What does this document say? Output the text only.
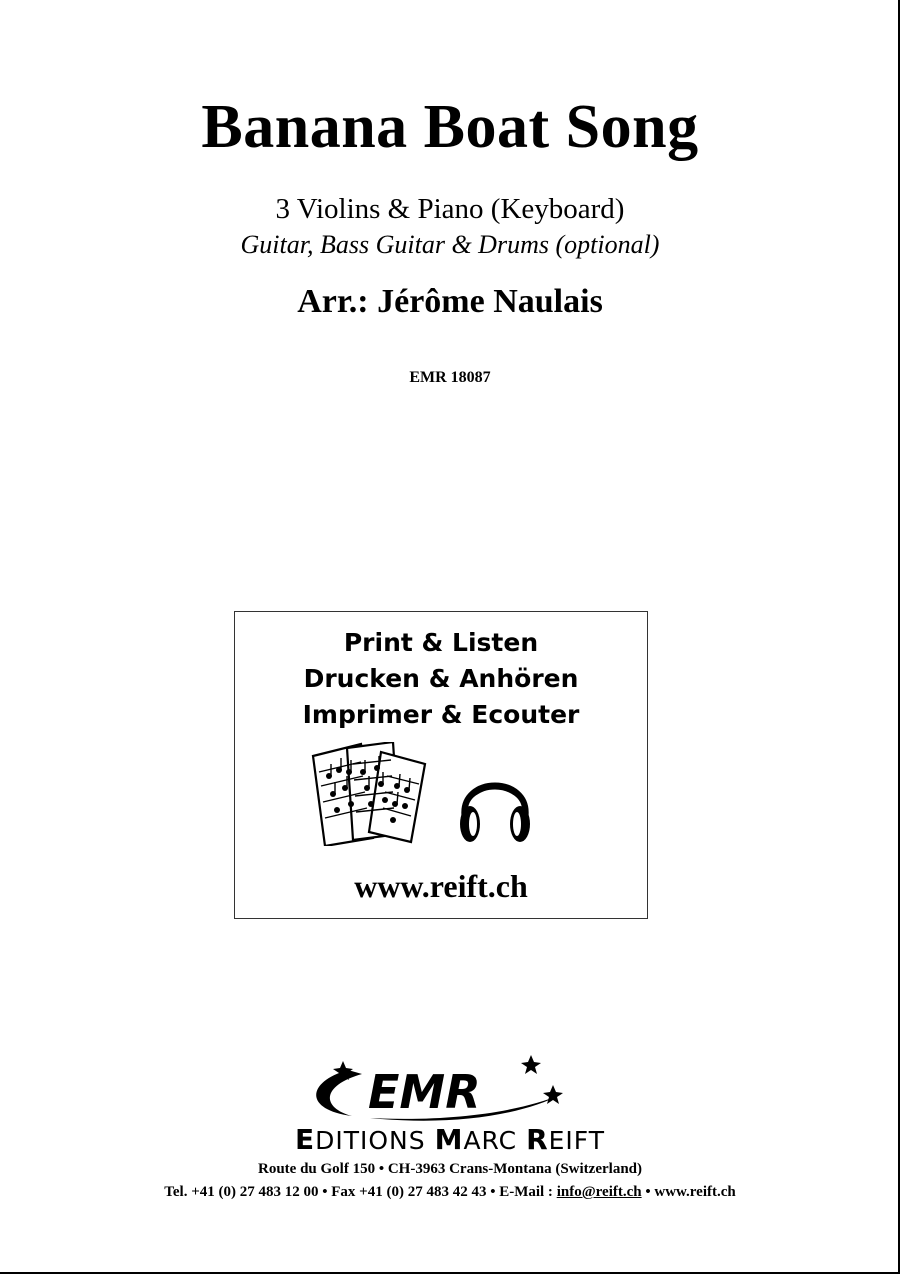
Banana Boat Song
3 Violins & Piano (Keyboard)
Guitar, Bass Guitar & Drums (optional)
Arr.: Jérôme Naulais
EMR 18087
Print & Listen
Drucken & Anhören
Imprimer & Ecouter
www.reift.ch
EMR
EDITIONS MARC REIFT
Route du Golf 150 • CH-3963 Crans-Montana (Switzerland)
Tel. +41 (0) 27 483 12 00 • Fax +41 (0) 27 483 42 43 • E-Mail : info@reift.ch • www.reift.ch
